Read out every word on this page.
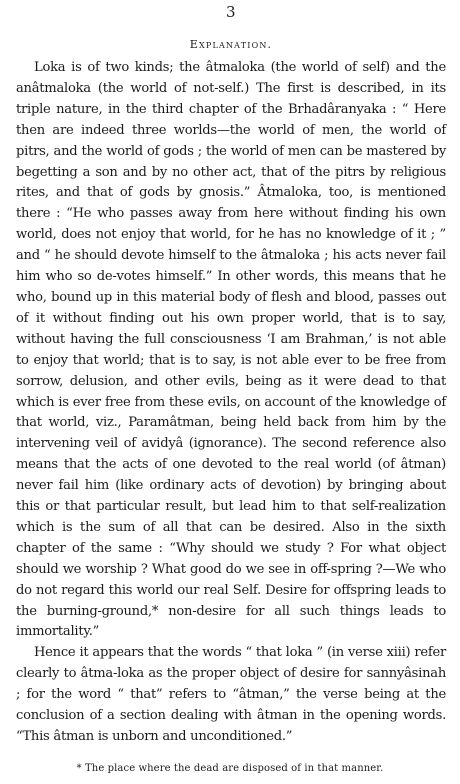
3
Explanation.

Loka is of two kinds; the âtmaloka (the world of self) and the anâtmaloka (the world of not-self.) The first is described, in its triple nature, in the third chapter of the Brhadâranyaka : “ Here then are indeed three worlds—the world of men, the world of pitrs, and the world of gods ; the world of men can be mastered by begetting a son and by no other act, that of the pitrs by religious rites, and that of gods by gnosis.” Âtmaloka, too, is mentioned there : “He who passes away from here without finding his own world, does not enjoy that world, for he has no knowledge of it ; ” and “ he should devote himself to the âtmaloka ; his acts never fail him who so de-votes himself.” In other words, this means that he who, bound up in this material body of flesh and blood, passes out of it without finding out his own proper world, that is to say, without having the full consciousness ‘I am Brahman,’ is not able to enjoy that world; that is to say, is not able ever to be free from sorrow, delusion, and other evils, being as it were dead to that which is ever free from these evils, on account of the knowledge of that world, viz., Paramâtman, being held back from him by the intervening veil of avidyâ (ignorance). The second reference also means that the acts of one devoted to the real world (of âtman) never fail him (like ordinary acts of devotion) by bringing about this or that particular result, but lead him to that self-realization which is the sum of all that can be desired. Also in the sixth chapter of the same : “Why should we study ? For what object should we worship ? What good do we see in off-spring ?—We who do not regard this world our real Self. Desire for offspring leads to the burning-ground,* non-desire for all such things leads to immortality.”

Hence it appears that the words “ that loka ” (in verse xiii) refer clearly to âtma-loka as the proper object of desire for sannyâsinah ; for the word “ that” refers to “âtman,” the verse being at the conclusion of a section dealing with âtman in the opening words. “This âtman is unborn and unconditioned.”

* The place where the dead are disposed of in that manner.
